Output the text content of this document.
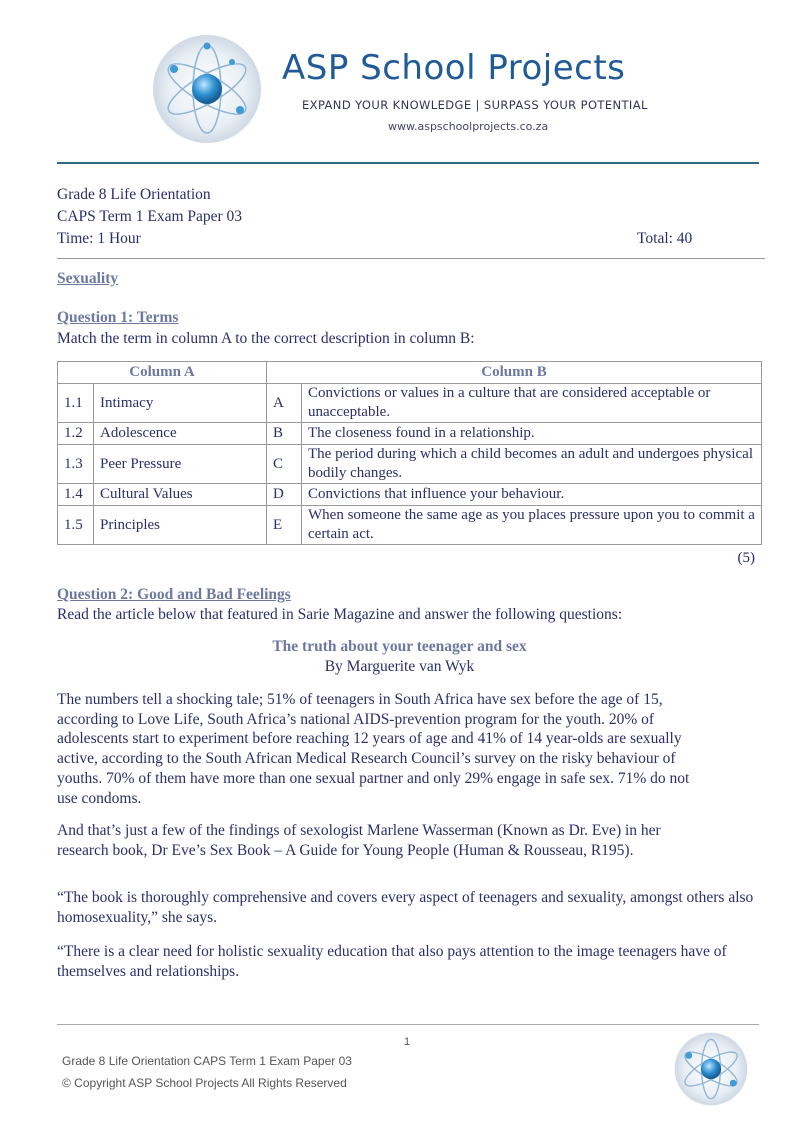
ASP School Projects
EXPAND YOUR KNOWLEDGE | SURPASS YOUR POTENTIAL
www.aspschoolprojects.co.za
Grade 8 Life Orientation
CAPS Term 1 Exam Paper 03
Time: 1 Hour	Total: 40
Sexuality
Question 1: Terms
Match the term in column A to the correct description in column B:
Column A		Column B	
1.1	Intimacy	A	Convictions or values in a culture that are considered acceptable or unacceptable.
1.2	Adolescence	B	The closeness found in a relationship.
1.3	Peer Pressure	C	The period during which a child becomes an adult and undergoes physical bodily changes.
1.4	Cultural Values	D	Convictions that influence your behaviour.
1.5	Principles	E	When someone the same age as you places pressure upon you to commit a certain act.
(5)
Question 2: Good and Bad Feelings
Read the article below that featured in Sarie Magazine and answer the following questions:
The truth about your teenager and sex
By Marguerite van Wyk
The numbers tell a shocking tale; 51% of teenagers in South Africa have sex before the age of 15, according to Love Life, South Africa’s national AIDS-prevention program for the youth. 20% of adolescents start to experiment before reaching 12 years of age and 41% of 14 year-olds are sexually active, according to the South African Medical Research Council’s survey on the risky behaviour of youths. 70% of them have more than one sexual partner and only 29% engage in safe sex. 71% do not use condoms.
And that’s just a few of the findings of sexologist Marlene Wasserman (Known as Dr. Eve) in her research book, Dr Eve’s Sex Book – A Guide for Young People (Human & Rousseau, R195).
“The book is thoroughly comprehensive and covers every aspect of teenagers and sexuality, amongst others also homosexuality,” she says.
“There is a clear need for holistic sexuality education that also pays attention to the image teenagers have of themselves and relationships.
1
Grade 8 Life Orientation CAPS Term 1 Exam Paper 03
© Copyright ASP School Projects All Rights Reserved
